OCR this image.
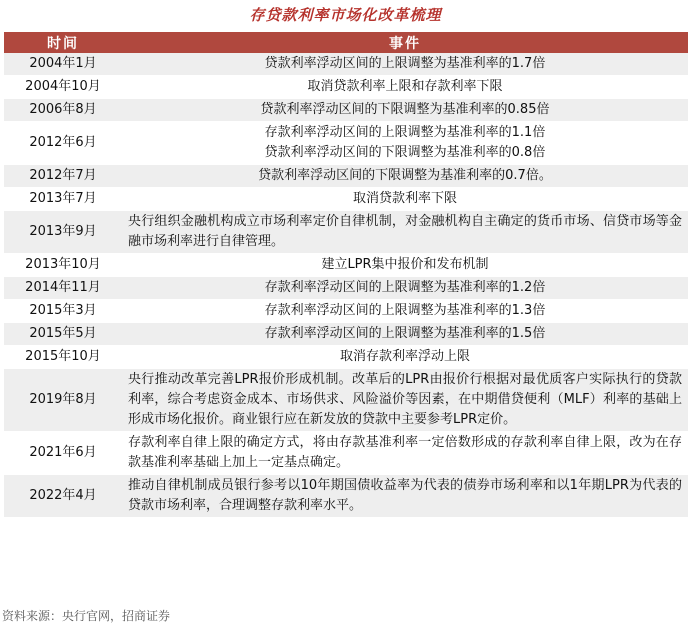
存贷款利率市场化改革梳理
时间	事件
2004年1月	贷款利率浮动区间的上限调整为基准利率的1.7倍

2004年10月	取消贷款利率上限和存款利率下限

2006年8月	贷款利率浮动区间的下限调整为基准利率的0.85倍

2012年6月	存款利率浮动区间的上限调整为基准利率的1.1倍
贷款利率浮动区间的下限调整为基准利率的0.8倍

2012年7月	贷款利率浮动区间的下限调整为基准利率的0.7倍。

2013年7月	取消贷款利率下限

2013年9月	央行组织金融机构成立市场利率定价自律机制，对金融机构自主确定的货币市场、信贷市场等金融市场利率进行自律管理。

2013年10月	建立LPR集中报价和发布机制

2014年11月	存款利率浮动区间的上限调整为基准利率的1.2倍

2015年3月	存款利率浮动区间的上限调整为基准利率的1.3倍

2015年5月	存款利率浮动区间的上限调整为基准利率的1.5倍

2015年10月	取消存款利率浮动上限

2019年8月	央行推动改革完善LPR报价形成机制。改革后的LPR由报价行根据对最优质客户实际执行的贷款利率，综合考虑资金成本、市场供求、风险溢价等因素，在中期借贷便利（MLF）利率的基础上形成市场化报价。商业银行应在新发放的贷款中主要参考LPR定价。

2021年6月	存款利率自律上限的确定方式，将由存款基准利率一定倍数形成的存款利率自律上限，改为在存款基准利率基础上加上一定基点确定。

2022年4月	推动自律机制成员银行参考以10年期国债收益率为代表的债券市场利率和以1年期LPR为代表的贷款市场利率，合理调整存款利率水平。
资料来源：央行官网，招商证券
